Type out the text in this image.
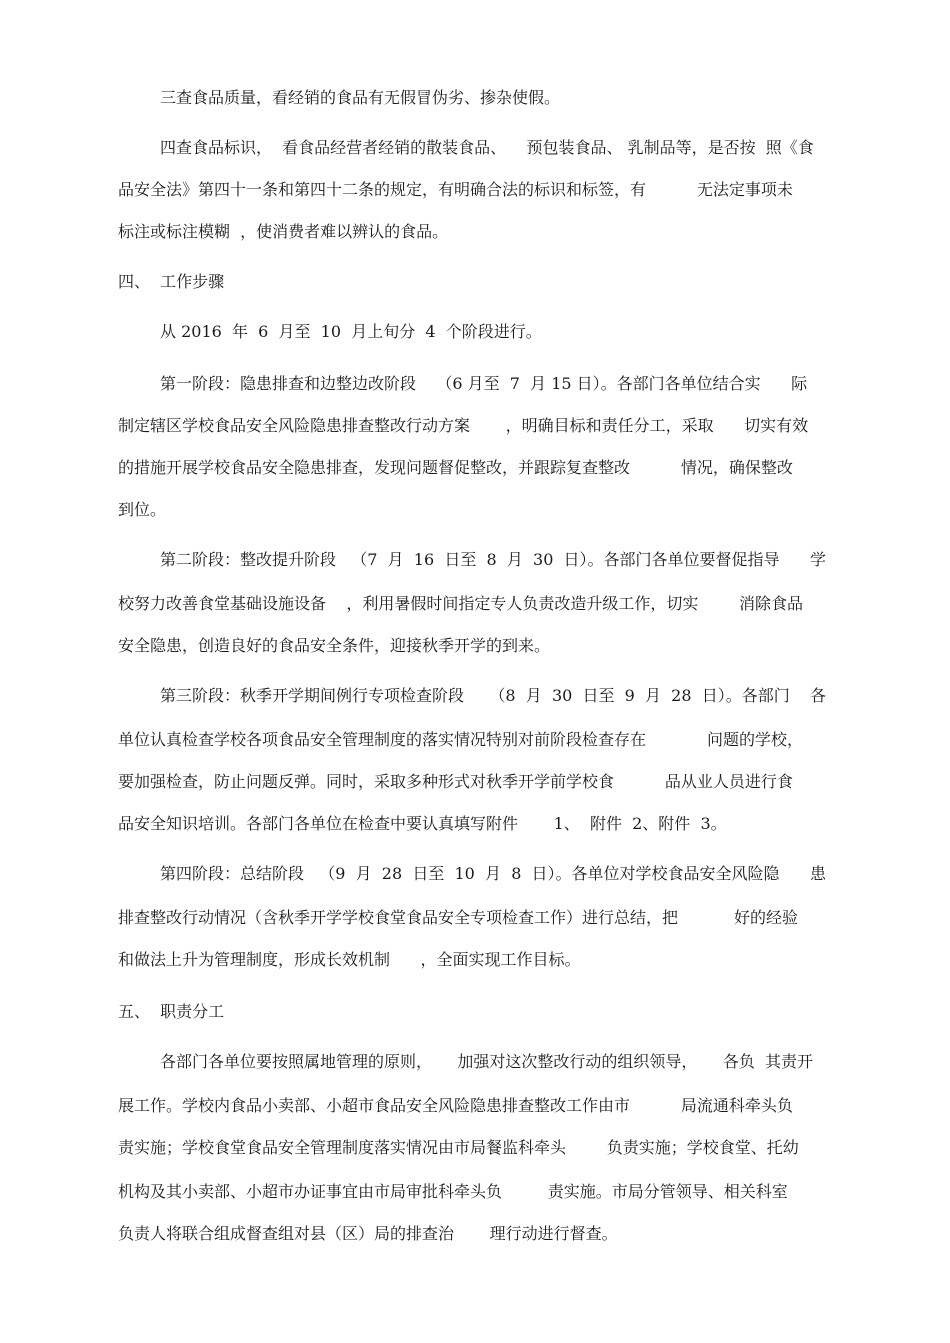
三查食品质量，看经销的食品有无假冒伪劣、掺杂使假。
四查食品标识，  看食品经营者经销的散装食品、    预包装食品、 乳制品等，是否按  照《食
品安全法》第四十一条和第四十二条的规定，有明确合法的标识和标签，有          无法定事项未
标注或标注模糊  ，使消费者难以辨认的食品。
四、  工作步骤
从 2016  年  6  月至  10  月上旬分  4  个阶段进行。
第一阶段：隐患排查和边整边改阶段    （6 月至  7  月 15 日）。各部门各单位结合实      际
制定辖区学校食品安全风险隐患排查整改行动方案       ，明确目标和责任分工，采取      切实有效
的措施开展学校食品安全隐患排查，发现问题督促整改，并跟踪复查整改          情况，确保整改
到位。
第二阶段：整改提升阶段   （7  月  16  日至  8  月  30  日）。各部门各单位要督促指导      学
校努力改善食堂基础设施设备    ，利用暑假时间指定专人负责改造升级工作，切实        消除食品
安全隐患，创造良好的食品安全条件，迎接秋季开学的到来。
第三阶段：秋季开学期间例行专项检查阶段     （8  月  30  日至  9  月  28  日）。各部门    各
单位认真检查学校各项食品安全管理制度的落实情况特别对前阶段检查存在            问题的学校，
要加强检查，防止问题反弹。同时，采取多种形式对秋季开学前学校食          品从业人员进行食
品安全知识培训。各部门各单位在检查中要认真填写附件       1、  附件  2、附件  3。
第四阶段：总结阶段   （9  月  28  日至  10  月  8  日）。各单位对学校食品安全风险隐      患
排查整改行动情况（含秋季开学学校食堂食品安全专项检查工作）进行总结，把           好的经验
和做法上升为管理制度，形成长效机制      ，全面实现工作目标。
五、  职责分工
各部门各单位要按照属地管理的原则，     加强对这次整改行动的组织领导，     各负  其责开
展工作。学校内食品小卖部、小超市食品安全风险隐患排查整改工作由市          局流通科牵头负
责实施；学校食堂食品安全管理制度落实情况由市局餐监科牵头        负责实施；学校食堂、托幼
机构及其小卖部、小超市办证事宜由市局审批科牵头负         责实施。市局分管领导、相关科室
负责人将联合组成督查组对县（区）局的排查治       理行动进行督查。
